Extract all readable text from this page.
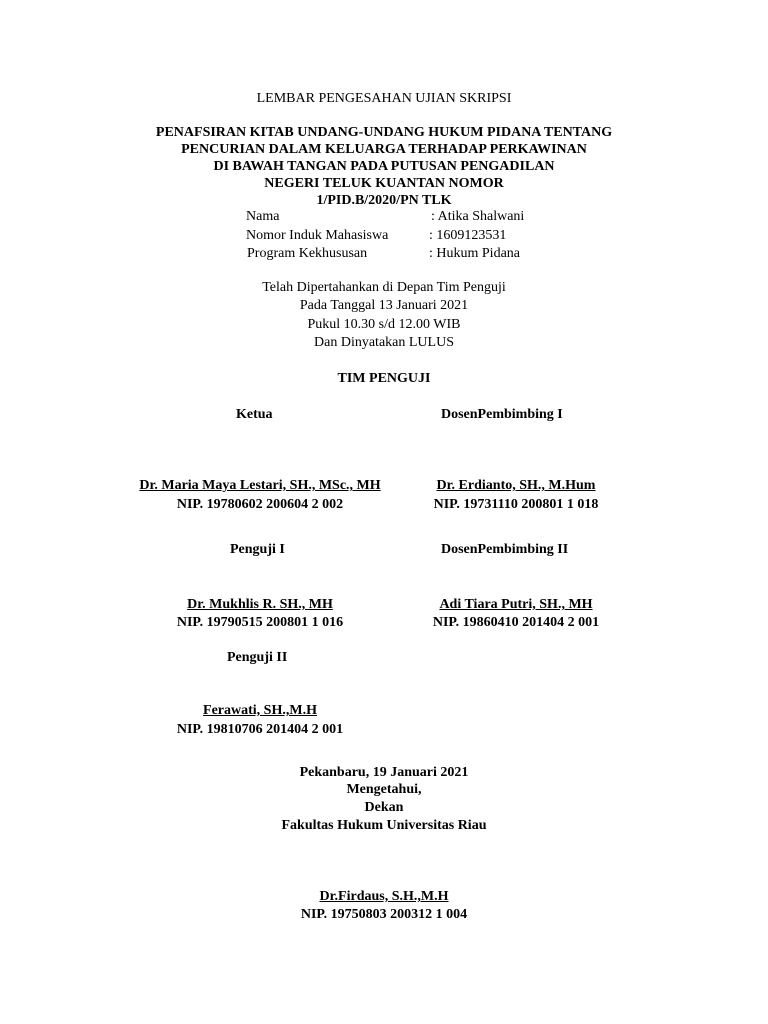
LEMBAR PENGESAHAN UJIAN SKRIPSI
PENAFSIRAN KITAB UNDANG-UNDANG HUKUM PIDANA TENTANG
PENCURIAN DALAM KELUARGA TERHADAP PERKAWINAN
DI BAWAH TANGAN PADA PUTUSAN PENGADILAN
NEGERI TELUK KUANTAN NOMOR
1/PID.B/2020/PN TLK
Nama	: Atika Shalwani
Nomor Induk Mahasiswa	: 1609123531
Program Kekhususan	: Hukum Pidana
Telah Dipertahankan di Depan Tim Penguji
Pada Tanggal 13 Januari 2021
Pukul 10.30 s/d 12.00 WIB
Dan Dinyatakan LULUS
TIM PENGUJI
Ketua	DosenPembimbing I
Dr. Maria Maya Lestari, SH., MSc., MH	Dr. Erdianto, SH., M.Hum
NIP. 19780602 200604 2 002	NIP. 19731110 200801 1 018
Penguji I	DosenPembimbing II
Dr. Mukhlis R. SH., MH	Adi Tiara Putri, SH., MH
NIP. 19790515 200801 1 016	NIP. 19860410 201404 2 001
Penguji II
Ferawati, SH.,M.H
NIP. 19810706 201404 2 001
Pekanbaru, 19 Januari 2021
Mengetahui,
Dekan
Fakultas Hukum Universitas Riau
Dr.Firdaus, S.H.,M.H
NIP. 19750803 200312 1 004
